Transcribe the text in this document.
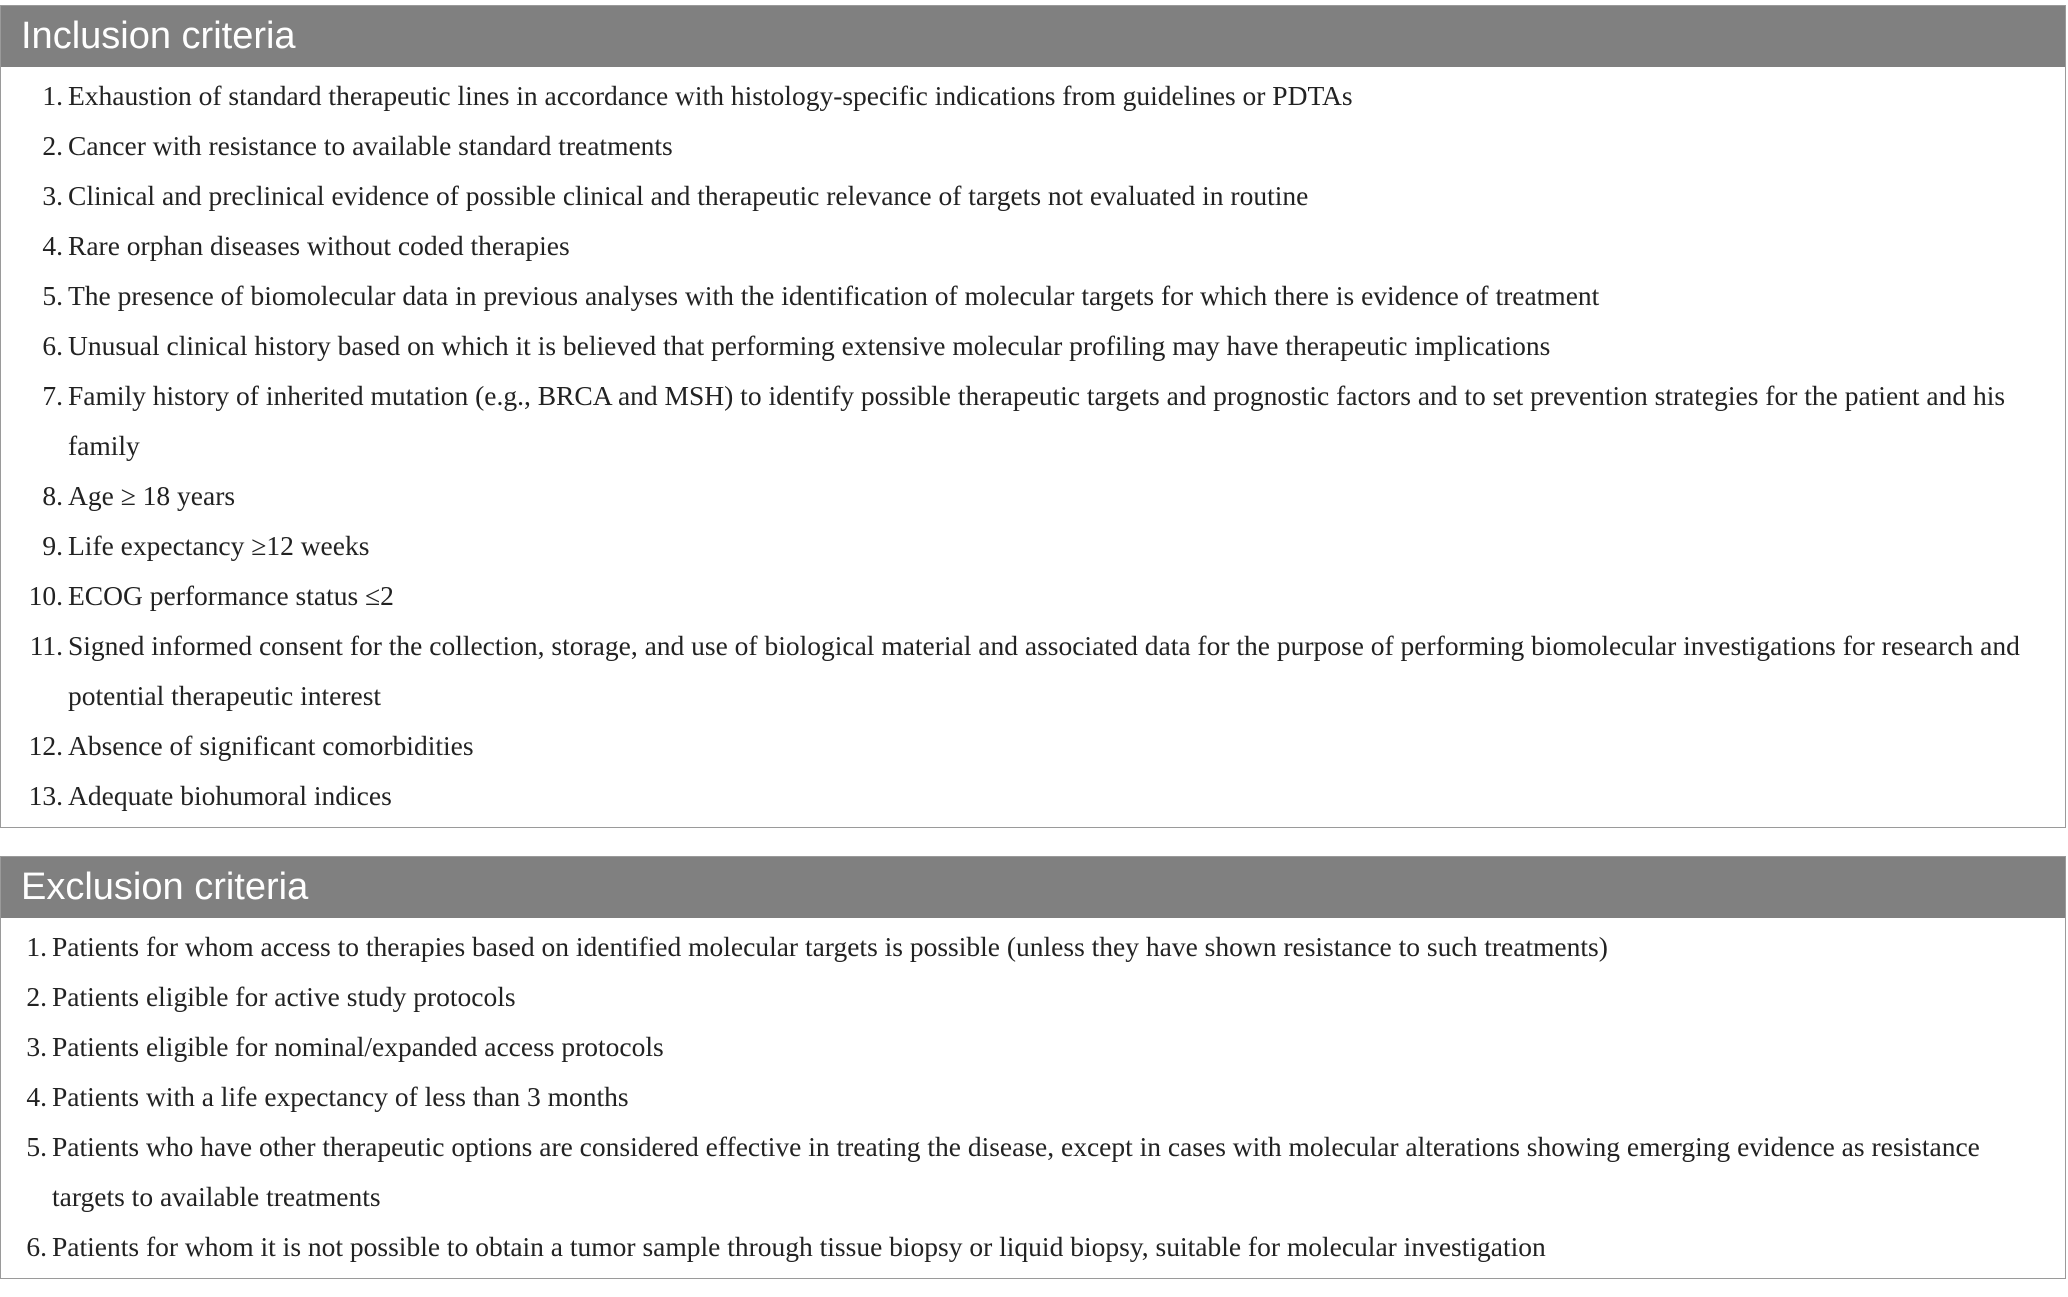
Inclusion criteria
1. Exhaustion of standard therapeutic lines in accordance with histology-specific indications from guidelines or PDTAs
2. Cancer with resistance to available standard treatments
3. Clinical and preclinical evidence of possible clinical and therapeutic relevance of targets not evaluated in routine
4. Rare orphan diseases without coded therapies
5. The presence of biomolecular data in previous analyses with the identification of molecular targets for which there is evidence of treatment
6. Unusual clinical history based on which it is believed that performing extensive molecular profiling may have therapeutic implications
7. Family history of inherited mutation (e.g., BRCA and MSH) to identify possible therapeutic targets and prognostic factors and to set prevention strategies for the patient and his family
8. Age ≥ 18 years
9. Life expectancy ≥12 weeks
10. ECOG performance status ≤2
11. Signed informed consent for the collection, storage, and use of biological material and associated data for the purpose of performing biomolecular investigations for research and potential therapeutic interest
12. Absence of significant comorbidities
13. Adequate biohumoral indices
Exclusion criteria
1. Patients for whom access to therapies based on identified molecular targets is possible (unless they have shown resistance to such treatments)
2. Patients eligible for active study protocols
3. Patients eligible for nominal/expanded access protocols
4. Patients with a life expectancy of less than 3 months
5. Patients who have other therapeutic options are considered effective in treating the disease, except in cases with molecular alterations showing emerging evidence as resistance targets to available treatments
6. Patients for whom it is not possible to obtain a tumor sample through tissue biopsy or liquid biopsy, suitable for molecular investigation
